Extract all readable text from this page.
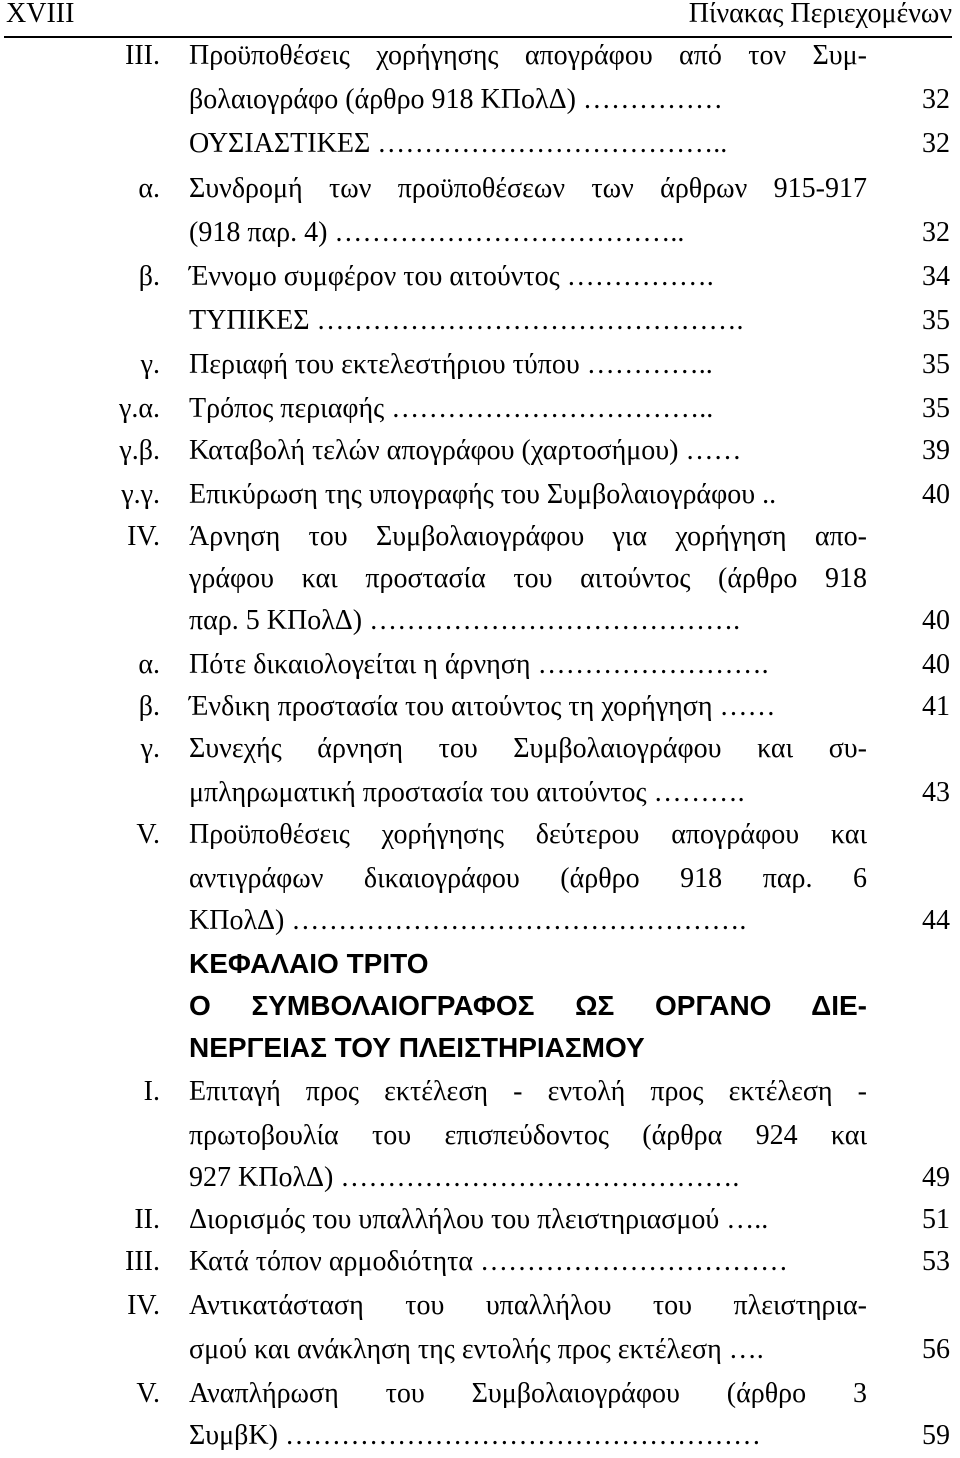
XVIII	Πίνακας Περιεχομένων
III. Προϋποθέσεις χορήγησης απογράφου από τον Συμ-
βολαιογράφο (άρθρο 918 ΚΠολΔ) ……………	32
ΟΥΣΙΑΣΤΙΚΕΣ ………………………………..	32
α. Συνδρομή των προϋποθέσεων των άρθρων 915-917
(918 παρ. 4) ………………………………..	32
β. Έννομο συμφέρον του αιτούντος …………….	34
ΤΥΠΙΚΕΣ ……………………………………….	35
γ. Περιαφή του εκτελεστήριου τύπου …………..	35
γ.α. Τρόπος περιαφής ……………………………..	35
γ.β. Καταβολή τελών απογράφου (χαρτοσήμου) ……	39
γ.γ. Επικύρωση της υπογραφής του Συμβολαιογράφου ..	40
IV. Άρνηση του Συμβολαιογράφου για χορήγηση απο-
γράφου και προστασία του αιτούντος (άρθρο 918
παρ. 5 ΚΠολΔ) ………………………………….	40
α. Πότε δικαιολογείται η άρνηση …………………….	40
β. Ένδικη προστασία του αιτούντος τη χορήγηση ……	41
γ. Συνεχής άρνηση του Συμβολαιογράφου και συ-
μπληρωματική προστασία του αιτούντος ……….	43
V. Προϋποθέσεις χορήγησης δεύτερου απογράφου και
αντιγράφων δικαιογράφου (άρθρο 918 παρ. 6
ΚΠολΔ) ………………………………………….	44
ΚΕΦΑΛΑΙΟ ΤΡΙΤΟ
Ο ΣΥΜΒΟΛΑΙΟΓΡΑΦΟΣ ΩΣ ΟΡΓΑΝΟ ΔΙΕ-
ΝΕΡΓΕΙΑΣ ΤΟΥ ΠΛΕΙΣΤΗΡΙΑΣΜΟΥ
I. Επιταγή προς εκτέλεση - εντολή προς εκτέλεση -
πρωτοβουλία του επισπεύδοντος (άρθρα 924 και
927 ΚΠολΔ) …………………………………….	49
II. Διορισμός του υπαλλήλου του πλειστηριασμού …..	51
III. Κατά τόπον αρμοδιότητα ……………………………	53
IV. Αντικατάσταση του υπαλλήλου του πλειστηρια-
σμού και ανάκληση της εντολής προς εκτέλεση ….	56
V. Αναπλήρωση του Συμβολαιογράφου (άρθρο 3
ΣυμβΚ) ……………………………………………	59
